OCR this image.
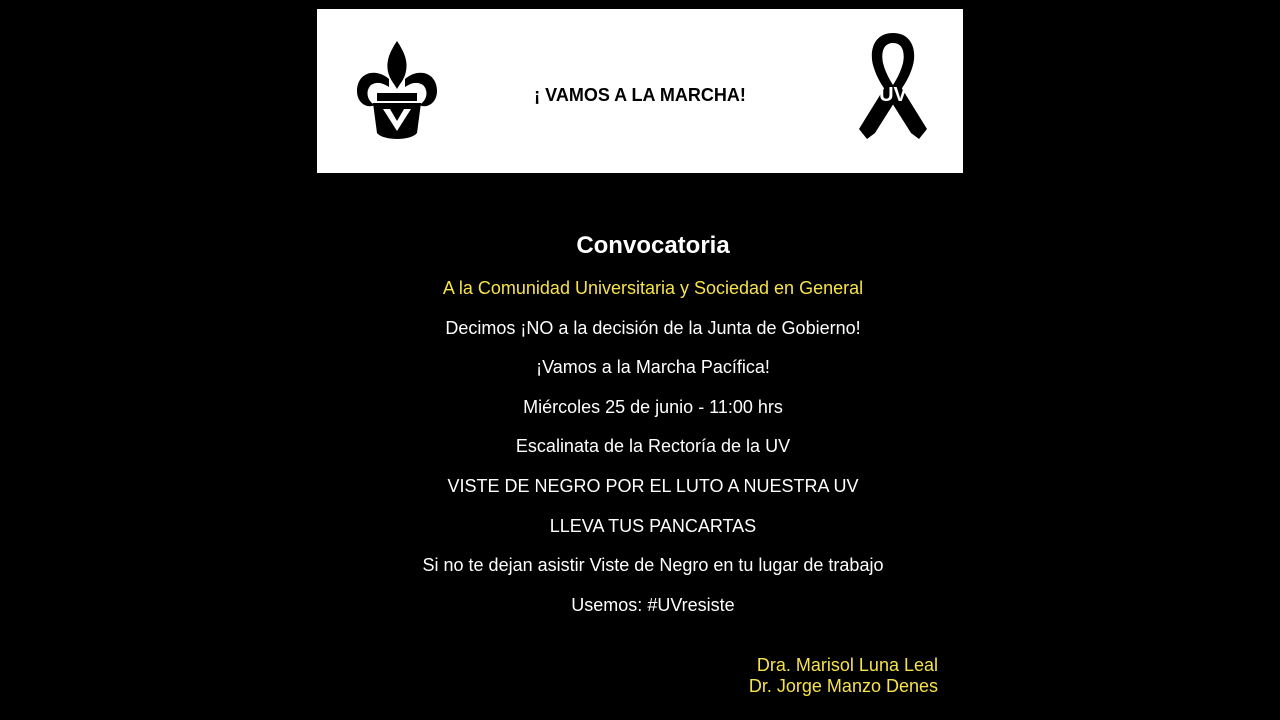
¡ VAMOS A LA MARCHA!	UV

Convocatoria

A la Comunidad Universitaria y Sociedad en General

Decimos ¡NO a la decisión de la Junta de Gobierno!

¡Vamos a la Marcha Pacífica!

Miércoles 25 de junio - 11:00 hrs

Escalinata de la Rectoría de la UV

VISTE DE NEGRO POR EL LUTO A NUESTRA UV

LLEVA TUS PANCARTAS

Si no te dejan asistir Viste de Negro en tu lugar de trabajo

Usemos: #UVresiste

Dra. Marisol Luna Leal
Dr. Jorge Manzo Denes
